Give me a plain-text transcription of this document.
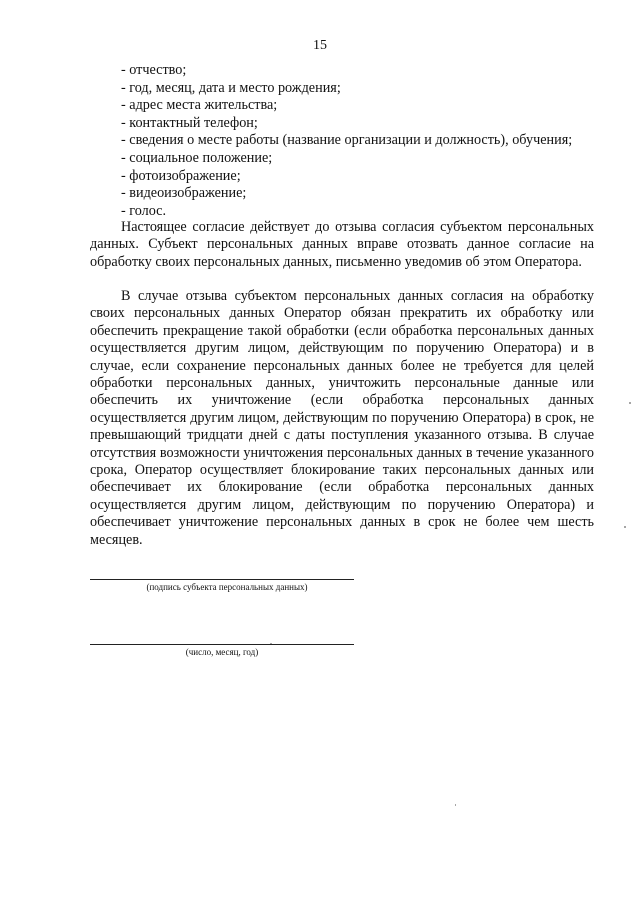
15
- отчество;
- год, месяц, дата и место рождения;
- адрес места жительства;
- контактный телефон;
- сведения о месте работы (название организации и должность), обучения;
- социальное положение;
- фотоизображение;
- видеоизображение;
- голос.

Настоящее согласие действует до отзыва согласия субъектом персональных данных. Субъект персональных данных вправе отозвать данное согласие на обработку своих персональных данных, письменно уведомив об этом Оператора.

В случае отзыва субъектом персональных данных согласия на обработку своих персональных данных Оператор обязан прекратить их обработку или обеспечить прекращение такой обработки (если обработка персональных данных осуществляется другим лицом, действующим по поручению Оператора) и в случае, если сохранение персональных данных более не требуется для целей обработки персональных данных, уничтожить персональные данные или обеспечить их уничтожение (если обработка персональных данных осуществляется другим лицом, действующим по поручению Оператора) в срок, не превышающий тридцати дней с даты поступления указанного отзыва. В случае отсутствия возможности уничтожения персональных данных в течение указанного срока, Оператор осуществляет блокирование таких персональных данных или обеспечивает их блокирование (если обработка персональных данных осуществляется другим лицом, действующим по поручению Оператора) и обеспечивает уничтожение персональных данных в срок не более чем шесть месяцев.

(подпись субъекта персональных данных)
(число, месяц, год)
